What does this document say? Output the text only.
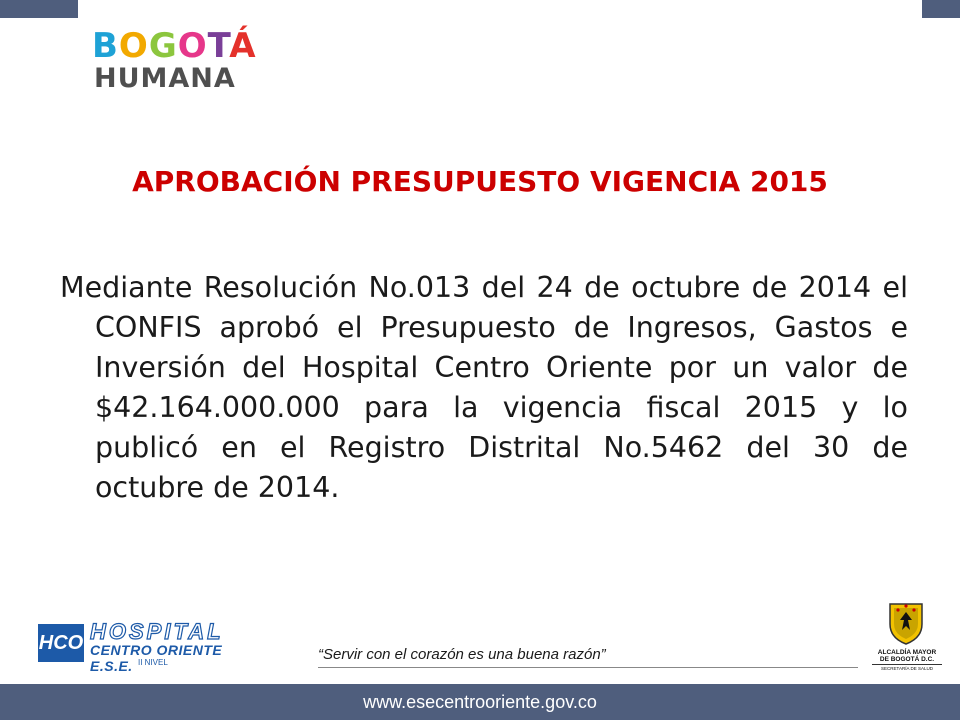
BOGOTÁ
HUMANA
APROBACIÓN PRESUPUESTO VIGENCIA 2015
Mediante Resolución No.013 del 24 de octubre de 2014 el CONFIS aprobó el Presupuesto de Ingresos, Gastos e Inversión del Hospital Centro Oriente por un valor de $42.164.000.000 para la vigencia fiscal 2015 y lo publicó en el Registro Distrital No.5462 del 30 de octubre de 2014.
HCO HOSPITAL
CENTRO ORIENTE E.S.E. II NIVEL	“Servir con el corazón es una buena razón”	ALCALDÍA MAYOR
DE BOGOTÁ D.C.
SECRETARÍA DE SALUD
www.esecentrooriente.gov.co
